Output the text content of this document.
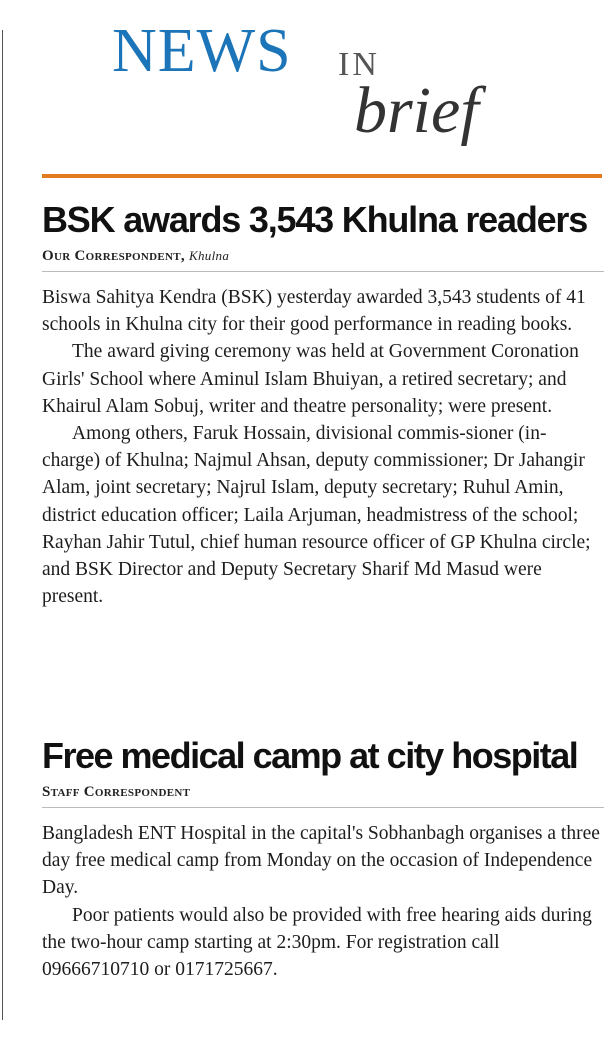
NEWS IN
brief
BSK awards 3,543 Khulna readers
Our Correspondent, Khulna

Biswa Sahitya Kendra (BSK) yesterday awarded 3,543 students of 41 schools in Khulna city for their good performance in reading books.

The award giving ceremony was held at Government Coronation Girls' School where Aminul Islam Bhuiyan, a retired secretary; and Khairul Alam Sobuj, writer and theatre personality; were present.

Among others, Faruk Hossain, divisional commis-sioner (in-charge) of Khulna; Najmul Ahsan, deputy commissioner; Dr Jahangir Alam, joint secretary; Najrul Islam, deputy secretary; Ruhul Amin, district education officer; Laila Arjuman, headmistress of the school; Rayhan Jahir Tutul, chief human resource officer of GP Khulna circle; and BSK Director and Deputy Secretary Sharif Md Masud were present.

Free medical camp at city hospital
Staff Correspondent

Bangladesh ENT Hospital in the capital's Sobhanbagh organises a three day free medical camp from Monday on the occasion of Independence Day.

Poor patients would also be provided with free hearing aids during the two-hour camp starting at 2:30pm. For registration call 09666710710 or 0171725667.
